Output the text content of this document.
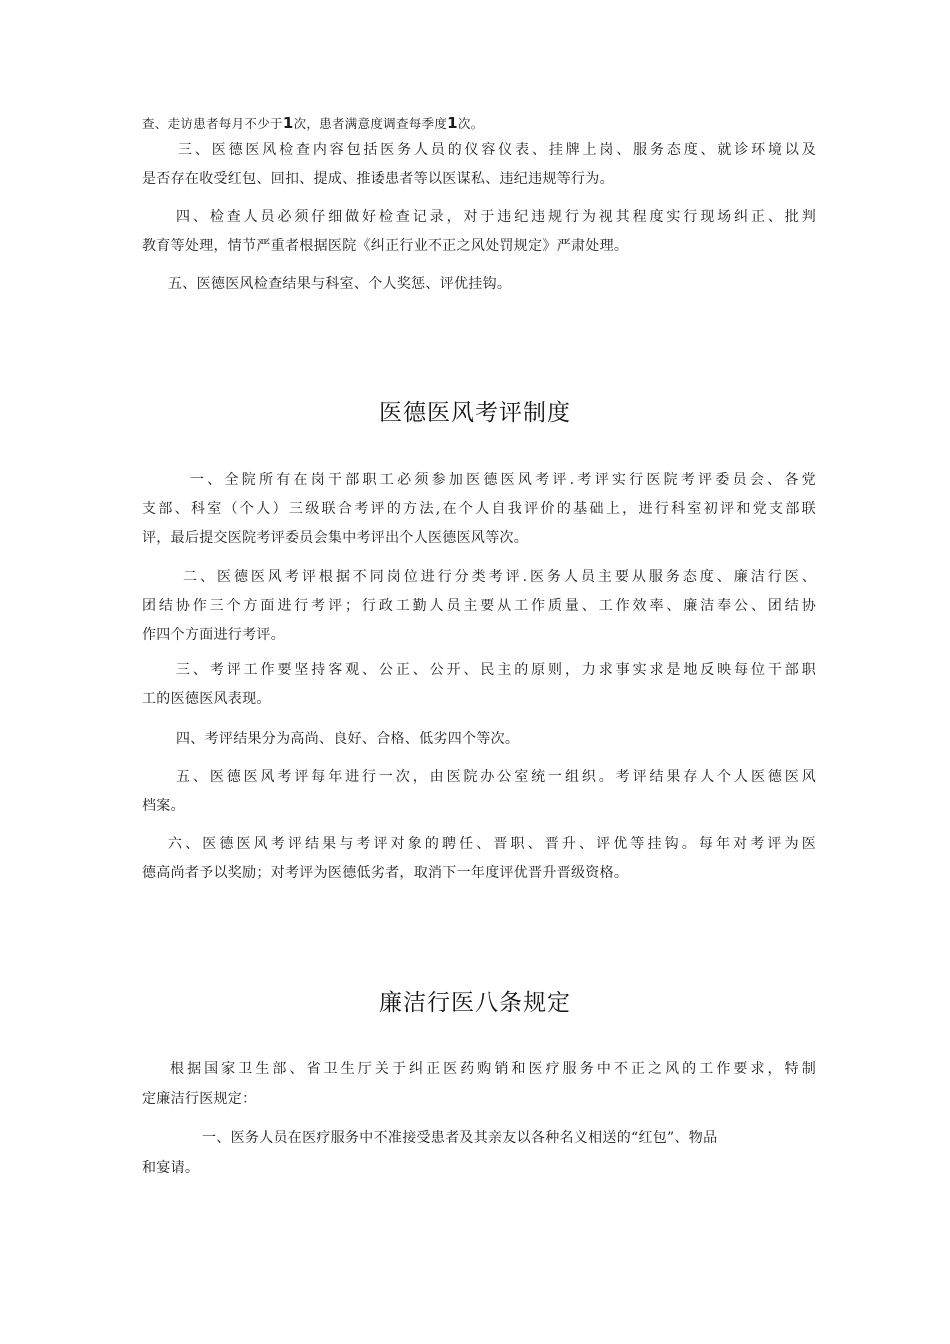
查、走访患者每月不少于1次，患者满意度调查每季度1次。
三、医德医风检查内容包括医务人员的仪容仪表、挂牌上岗、服务态度、就诊环境以及
是否存在收受红包、回扣、提成、推诿患者等以医谋私、违纪违规等行为。
四、检查人员必须仔细做好检查记录，对于违纪违规行为视其程度实行现场纠正、批判
教育等处理，情节严重者根据医院《纠正行业不正之风处罚规定》严肃处理。
五、医德医风检查结果与科室、个人奖惩、评优挂钩。
医德医风考评制度
一、全院所有在岗干部职工必须参加医德医风考评.考评实行医院考评委员会、各党
支部、科室（个人）三级联合考评的方法,在个人自我评价的基础上，进行科室初评和党支部联
评，最后提交医院考评委员会集中考评出个人医德医风等次。
二、医德医风考评根据不同岗位进行分类考评.医务人员主要从服务态度、廉洁行医、
团结协作三个方面进行考评；行政工勤人员主要从工作质量、工作效率、廉洁奉公、团结协
作四个方面进行考评。
三、考评工作要坚持客观、公正、公开、民主的原则，力求事实求是地反映每位干部职
工的医德医风表现。
四、考评结果分为高尚、良好、合格、低劣四个等次。
五、医德医风考评每年进行一次，由医院办公室统一组织。考评结果存人个人医德医风
档案。
六、医德医风考评结果与考评对象的聘任、晋职、晋升、评优等挂钩。每年对考评为医
德高尚者予以奖励；对考评为医德低劣者，取消下一年度评优晋升晋级资格。
廉洁行医八条规定
根据国家卫生部、省卫生厅关于纠正医药购销和医疗服务中不正之风的工作要求，特制
定廉洁行医规定：
一、医务人员在医疗服务中不准接受患者及其亲友以各种名义相送的“红包”、物品
和宴请。
